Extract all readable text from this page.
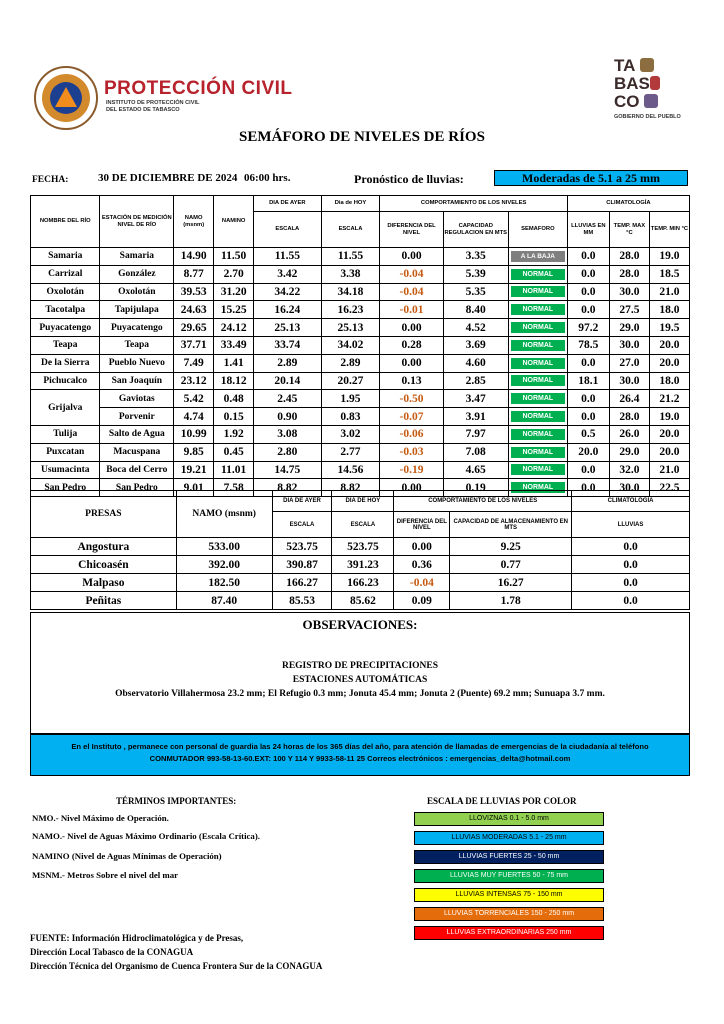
PROTECCIÓN CIVIL
INSTITUTO DE PROTECCIÓN CIVIL
DEL ESTADO DE TABASCO
TA
BAS
CO
GOBIERNO DEL PUEBLO
SEMÁFORO DE NIVELES DE RÍOS
FECHA:	30 DE DICIEMBRE DE 2024 06:00 hrs.	Pronóstico de lluvias:	Moderadas de 5.1 a 25 mm
NOMBRE DEL RÍO	ESTACIÓN DE MEDICIÓN NIVEL DE RÍO	NAMO (msnm)	NAMINO	DIA DE AYER	Dia de HOY	COMPORTAMIENTO DE LOS NIVELES			CLIMATOLOGÍA		
				ESCALA	ESCALA	DIFERENCIA DEL NIVEL	CAPACIDAD REGULACION EN MTS	SEMAFORO	LLUVIAS EN MM	TEMP. MAX °C	TEMP. MIN °C
Samaria	Samaria	14.90	11.50	11.55	11.55	0.00	3.35	A LA BAJA	0.0	28.0	19.0
Carrizal	González	8.77	2.70	3.42	3.38	-0.04	5.39	NORMAL	0.0	28.0	18.5
Oxolotán	Oxolotán	39.53	31.20	34.22	34.18	-0.04	5.35	NORMAL	0.0	30.0	21.0
Tacotalpa	Tapijulapa	24.63	15.25	16.24	16.23	-0.01	8.40	NORMAL	0.0	27.5	18.0
Puyacatengo	Puyacatengo	29.65	24.12	25.13	25.13	0.00	4.52	NORMAL	97.2	29.0	19.5
Teapa	Teapa	37.71	33.49	33.74	34.02	0.28	3.69	NORMAL	78.5	30.0	20.0
De la Sierra	Pueblo Nuevo	7.49	1.41	2.89	2.89	0.00	4.60	NORMAL	0.0	27.0	20.0
Pichucalco	San Joaquín	23.12	18.12	20.14	20.27	0.13	2.85	NORMAL	18.1	30.0	18.0
Grijalva	Gaviotas	5.42	0.48	2.45	1.95	-0.50	3.47	NORMAL	0.0	26.4	21.2
	Porvenir	4.74	0.15	0.90	0.83	-0.07	3.91	NORMAL	0.0	28.0	19.0
Tulija	Salto de Agua	10.99	1.92	3.08	3.02	-0.06	7.97	NORMAL	0.5	26.0	20.0
Puxcatan	Macuspana	9.85	0.45	2.80	2.77	-0.03	7.08	NORMAL	20.0	29.0	20.0
Usumacinta	Boca del Cerro	19.21	11.01	14.75	14.56	-0.19	4.65	NORMAL	0.0	32.0	21.0
San Pedro	San Pedro	9.01	7.58	8.82	8.82	0.00	0.19	NORMAL	0.0	30.0	22.5
PRESAS	NAMO (msnm)	DIA DE AYER	DIA DE HOY	COMPORTAMIENTO DE LOS NIVELES		CLIMATOLOGÍA
		ESCALA	ESCALA	DIFERENCIA DEL NIVEL	CAPACIDAD DE ALMACENAMIENTO EN MTS	LLUVIAS
Angostura	533.00	523.75	523.75	0.00	9.25	0.0
Chicoasén	392.00	390.87	391.23	0.36	0.77	0.0
Malpaso	182.50	166.27	166.23	-0.04	16.27	0.0
Peñitas	87.40	85.53	85.62	0.09	1.78	0.0
OBSERVACIONES:
REGISTRO DE PRECIPITACIONES
ESTACIONES AUTOMÁTICAS
Observatorio Villahermosa 23.2 mm; El Refugio 0.3 mm; Jonuta 45.4 mm; Jonuta 2 (Puente) 69.2 mm; Sunuapa 3.7 mm.
En el Instituto , permanece con personal de guardia las 24 horas de los 365 días del año, para atención de llamadas de emergencias de la ciudadanía al teléfono
CONMUTADOR 993-58-13-60.EXT: 100 Y 114 Y 9933-58-11 25 Correos electrónicos : emergencias_delta@hotmail.com
TÉRMINOS IMPORTANTES:
NMO.- Nivel Máximo de Operación.
NAMO.- Nivel de Aguas Máximo Ordinario (Escala Crítica).
NAMINO (Nivel de Aguas Mínimas de Operación)
MSNM.- Metros Sobre el nivel del mar
ESCALA DE LLUVIAS POR COLOR
LLOVIZNAS 0.1 - 5.0 mm
LLUVIAS MODERADAS 5.1 - 25 mm
LLUVIAS FUERTES 25 - 50 mm
LLUVIAS MUY FUERTES 50 - 75 mm
LLUVIAS INTENSAS 75 - 150 mm
LLUVIAS TORRENCIALES 150 - 250 mm
LLUVIAS EXTRAORDINARIAS 250 mm
FUENTE: Información Hidroclimatológica y de Presas,
Dirección Local Tabasco de la CONAGUA
Dirección Técnica del Organismo de Cuenca Frontera Sur de la CONAGUA
